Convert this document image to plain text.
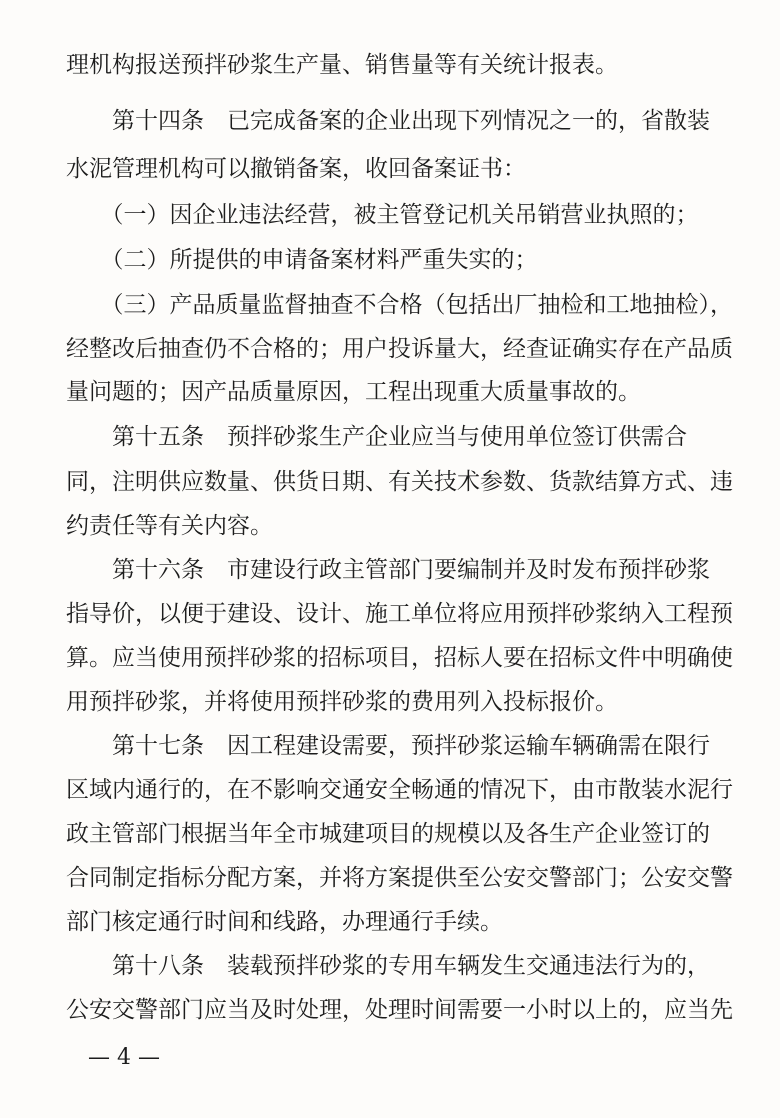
理机构报送预拌砂浆生产量、销售量等有关统计报表。
　　第十四条　已完成备案的企业出现下列情况之一的，省散装
水泥管理机构可以撤销备案，收回备案证书：
　　（一）因企业违法经营，被主管登记机关吊销营业执照的；
　　（二）所提供的申请备案材料严重失实的；
　　（三）产品质量监督抽查不合格（包括出厂抽检和工地抽检），
经整改后抽查仍不合格的；用户投诉量大，经查证确实存在产品质
量问题的；因产品质量原因，工程出现重大质量事故的。
　　第十五条　预拌砂浆生产企业应当与使用单位签订供需合
同，注明供应数量、供货日期、有关技术参数、货款结算方式、违
约责任等有关内容。
　　第十六条　市建设行政主管部门要编制并及时发布预拌砂浆
指导价，以便于建设、设计、施工单位将应用预拌砂浆纳入工程预
算。应当使用预拌砂浆的招标项目，招标人要在招标文件中明确使
用预拌砂浆，并将使用预拌砂浆的费用列入投标报价。
　　第十七条　因工程建设需要，预拌砂浆运输车辆确需在限行
区域内通行的，在不影响交通安全畅通的情况下，由市散装水泥行
政主管部门根据当年全市城建项目的规模以及各生产企业签订的
合同制定指标分配方案，并将方案提供至公安交警部门；公安交警
部门核定通行时间和线路，办理通行手续。
　　第十八条　装载预拌砂浆的专用车辆发生交通违法行为的，
公安交警部门应当及时处理，处理时间需要一小时以上的，应当先
— 4 —
